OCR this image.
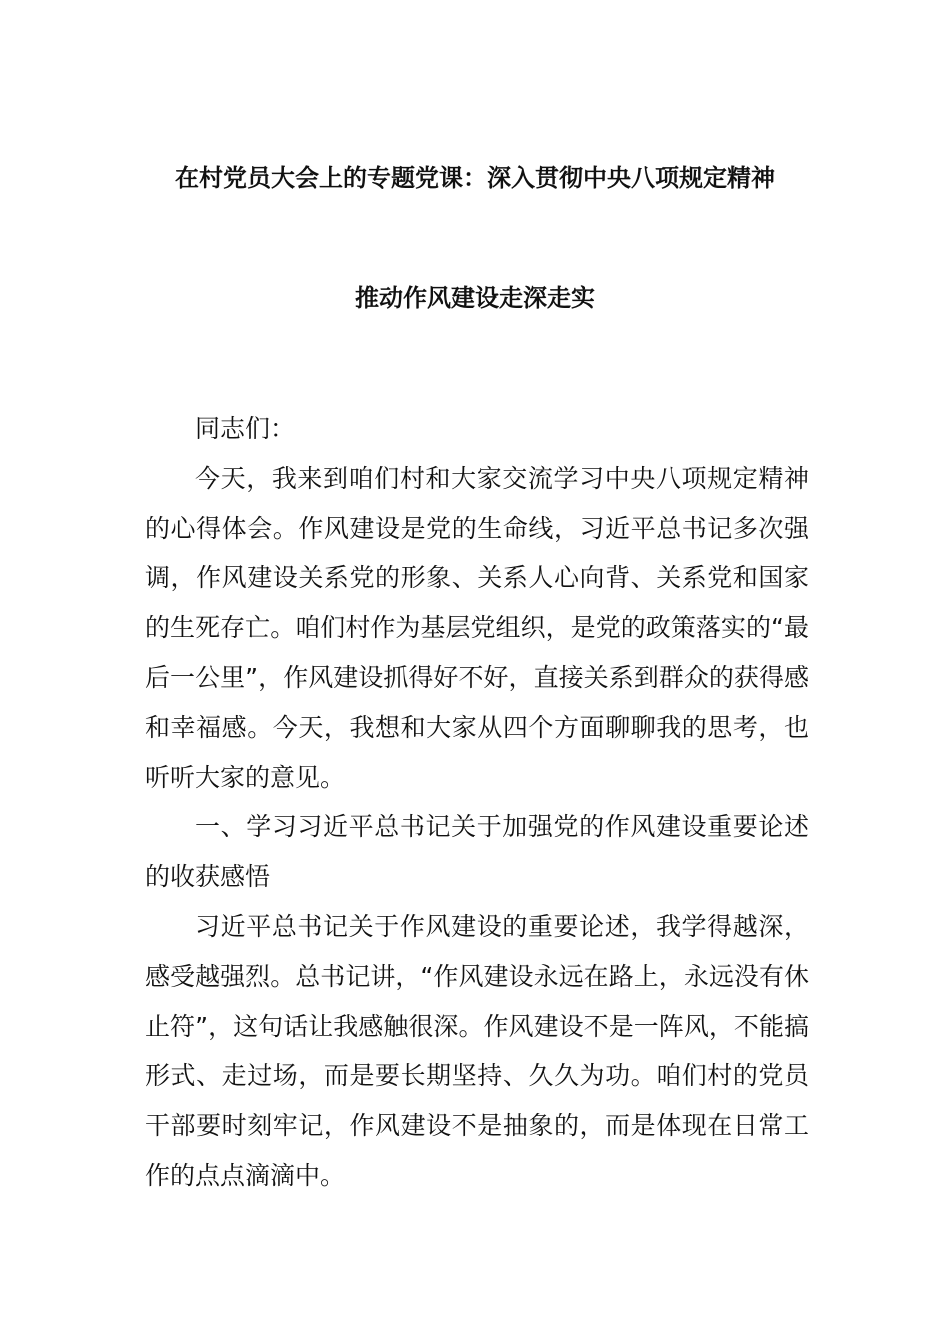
在村党员大会上的专题党课：深入贯彻中央八项规定精神
推动作风建设走深走实

同志们：

今天，我来到咱们村和大家交流学习中央八项规定精神的心得体会。作风建设是党的生命线，习近平总书记多次强调，作风建设关系党的形象、关系人心向背、关系党和国家的生死存亡。咱们村作为基层党组织，是党的政策落实的“最后一公里”，作风建设抓得好不好，直接关系到群众的获得感和幸福感。今天，我想和大家从四个方面聊聊我的思考，也听听大家的意见。

一、学习习近平总书记关于加强党的作风建设重要论述的收获感悟

习近平总书记关于作风建设的重要论述，我学得越深，感受越强烈。总书记讲，“作风建设永远在路上，永远没有休止符”，这句话让我感触很深。作风建设不是一阵风，不能搞形式、走过场，而是要长期坚持、久久为功。咱们村的党员干部要时刻牢记，作风建设不是抽象的，而是体现在日常工作的点点滴滴中。
